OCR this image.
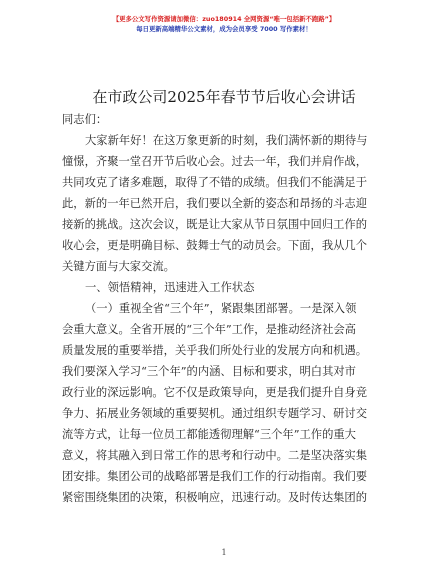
【更多公文写作资源请加微信：zuo180914 全网资源“唯一包括新不跑路”】
每日更新高端精华公文素材，成为会员享受 7000 写作素材！
在市政公司2025年春节节后收心会讲话
同志们：
大家新年好！在这万象更新的时刻，我们满怀新的期待与
憧憬，齐聚一堂召开节后收心会。过去一年，我们并肩作战，
共同攻克了诸多难题，取得了不错的成绩。但我们不能满足于
此，新的一年已然开启，我们要以全新的姿态和昂扬的斗志迎
接新的挑战。这次会议，既是让大家从节日氛围中回归工作的
收心会，更是明确目标、鼓舞士气的动员会。下面，我从几个
关键方面与大家交流。
一、领悟精神，迅速进入工作状态
（一）重视全省“三个年”，紧跟集团部署。一是深入领
会重大意义。全省开展的“三个年”工作，是推动经济社会高
质量发展的重要举措，关乎我们所处行业的发展方向和机遇。
我们要深入学习“三个年”的内涵、目标和要求，明白其对市
政行业的深远影响。它不仅是政策导向，更是我们提升自身竞
争力、拓展业务领域的重要契机。通过组织专题学习、研讨交
流等方式，让每一位员工都能透彻理解“三个年”工作的重大
意义，将其融入到日常工作的思考和行动中。二是坚决落实集
团安排。集团公司的战略部署是我们工作的行动指南。我们要
紧密围绕集团的决策，积极响应，迅速行动。及时传达集团的
1
